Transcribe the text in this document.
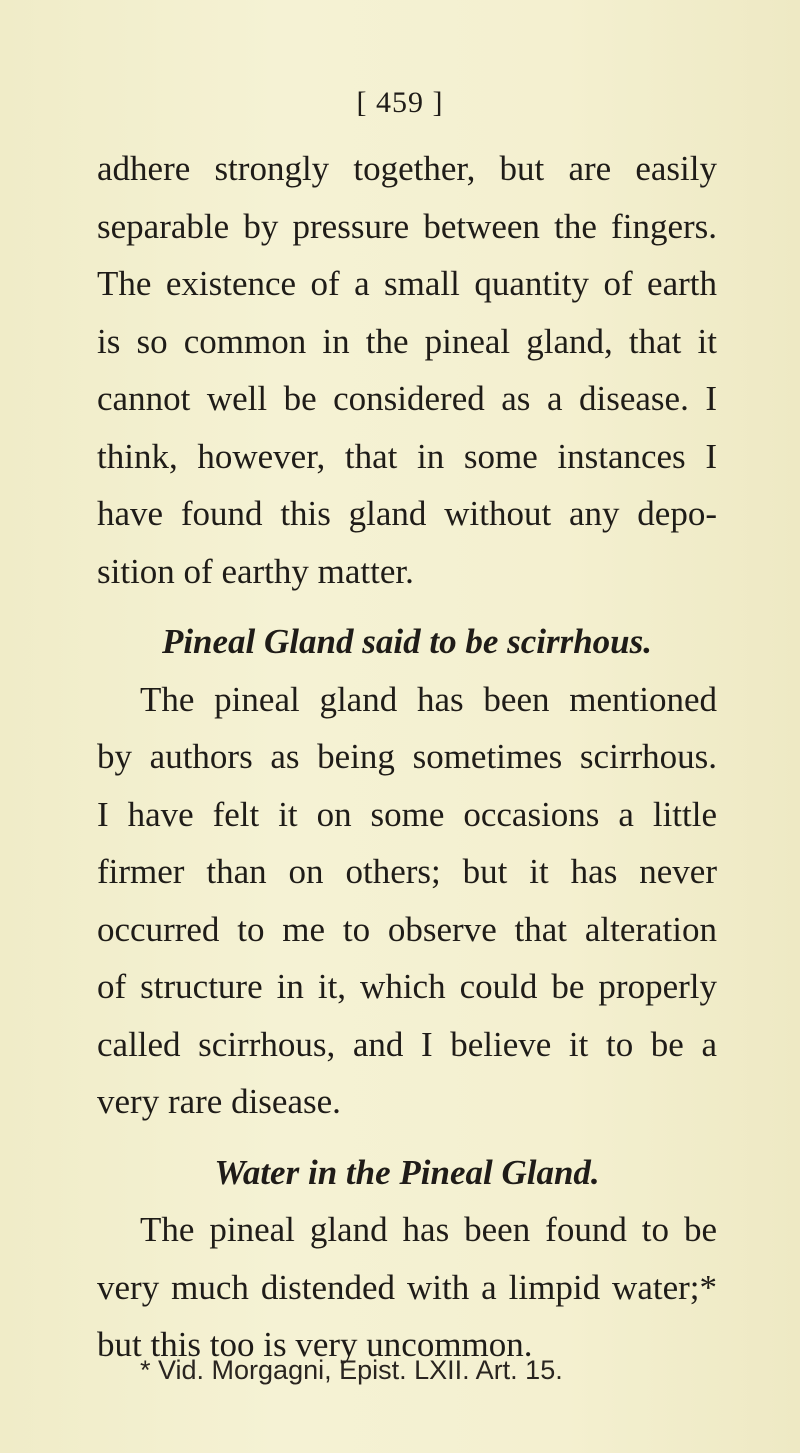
[ 459 ]
adhere strongly together, but are easily
separable by pressure between the fingers.
The existence of a small quantity of earth
is so common in the pineal gland, that it
cannot well be considered as a disease. I
think, however, that in some instances I
have found this gland without any depo-
sition of earthy matter.
Pineal Gland said to be scirrhous.
The pineal gland has been mentioned
by authors as being sometimes scirrhous.
I have felt it on some occasions a little
firmer than on others; but it has never
occurred to me to observe that alteration
of structure in it, which could be properly
called scirrhous, and I believe it to be a
very rare disease.
Water in the Pineal Gland.
The pineal gland has been found to be
very much distended with a limpid water;*
but this too is very uncommon.
* Vid. Morgagni, Epist. LXII. Art. 15.
